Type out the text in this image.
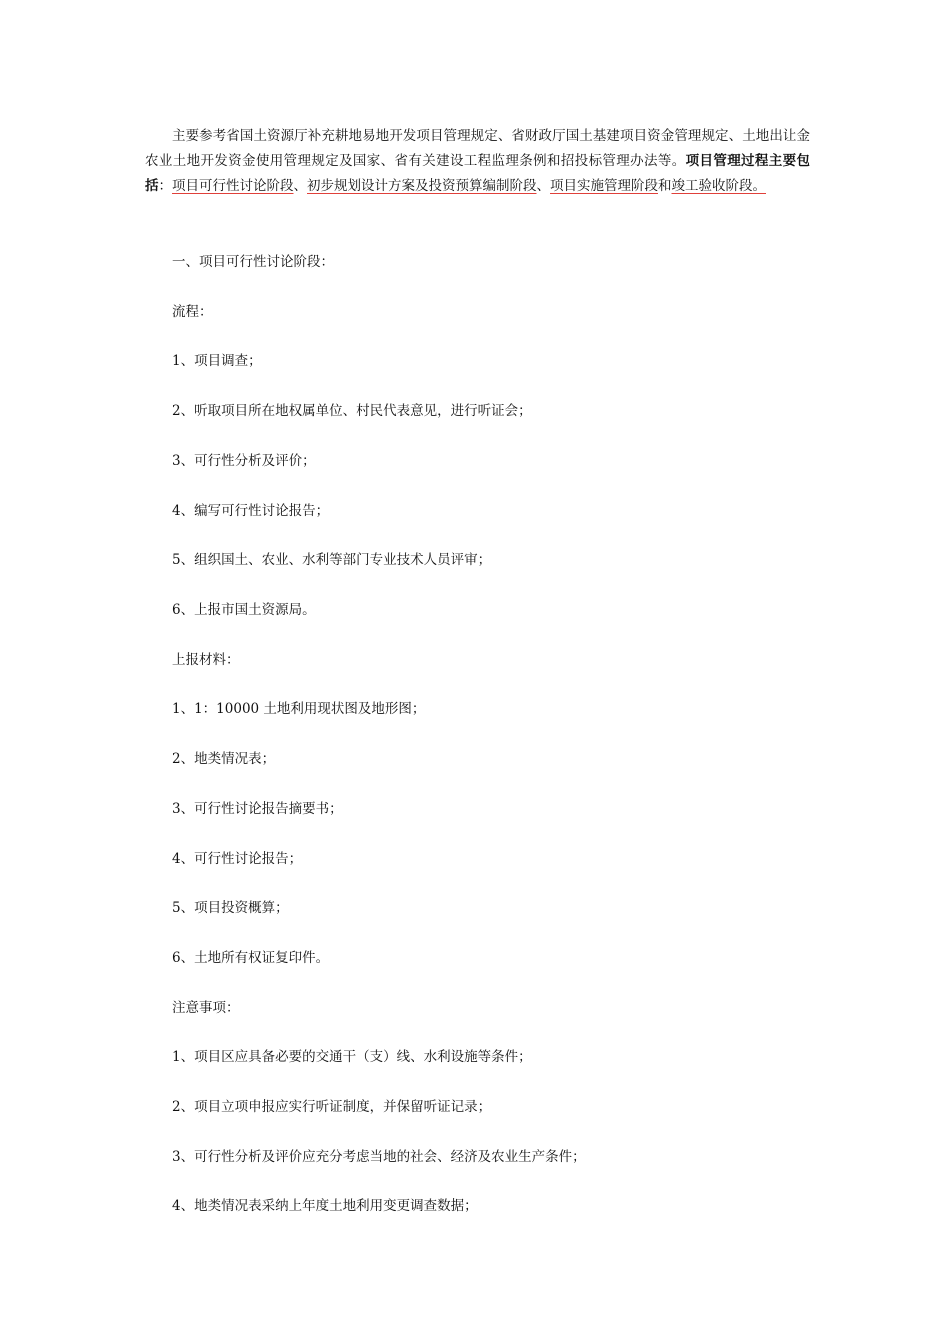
主要参考省国土资源厅补充耕地易地开发项目管理规定、省财政厅国土基建项目资金管理规定、土地出让金农业土地开发资金使用管理规定及国家、省有关建设工程监理条例和招投标管理办法等。项目管理过程主要包括：项目可行性讨论阶段、初步规划设计方案及投资预算编制阶段、项目实施管理阶段和竣工验收阶段。

一、项目可行性讨论阶段：

流程：

1、项目调查；

2、听取项目所在地权属单位、村民代表意见，进行听证会；

3、可行性分析及评价；

4、编写可行性讨论报告；

5、组织国土、农业、水利等部门专业技术人员评审；

6、上报市国土资源局。

上报材料：

1、1：10000 土地利用现状图及地形图；

2、地类情况表；

3、可行性讨论报告摘要书；

4、可行性讨论报告；

5、项目投资概算；

6、土地所有权证复印件。

注意事项：

1、项目区应具备必要的交通干（支）线、水利设施等条件；

2、项目立项申报应实行听证制度，并保留听证记录；

3、可行性分析及评价应充分考虑当地的社会、经济及农业生产条件；

4、地类情况表采纳上年度土地利用变更调查数据；
